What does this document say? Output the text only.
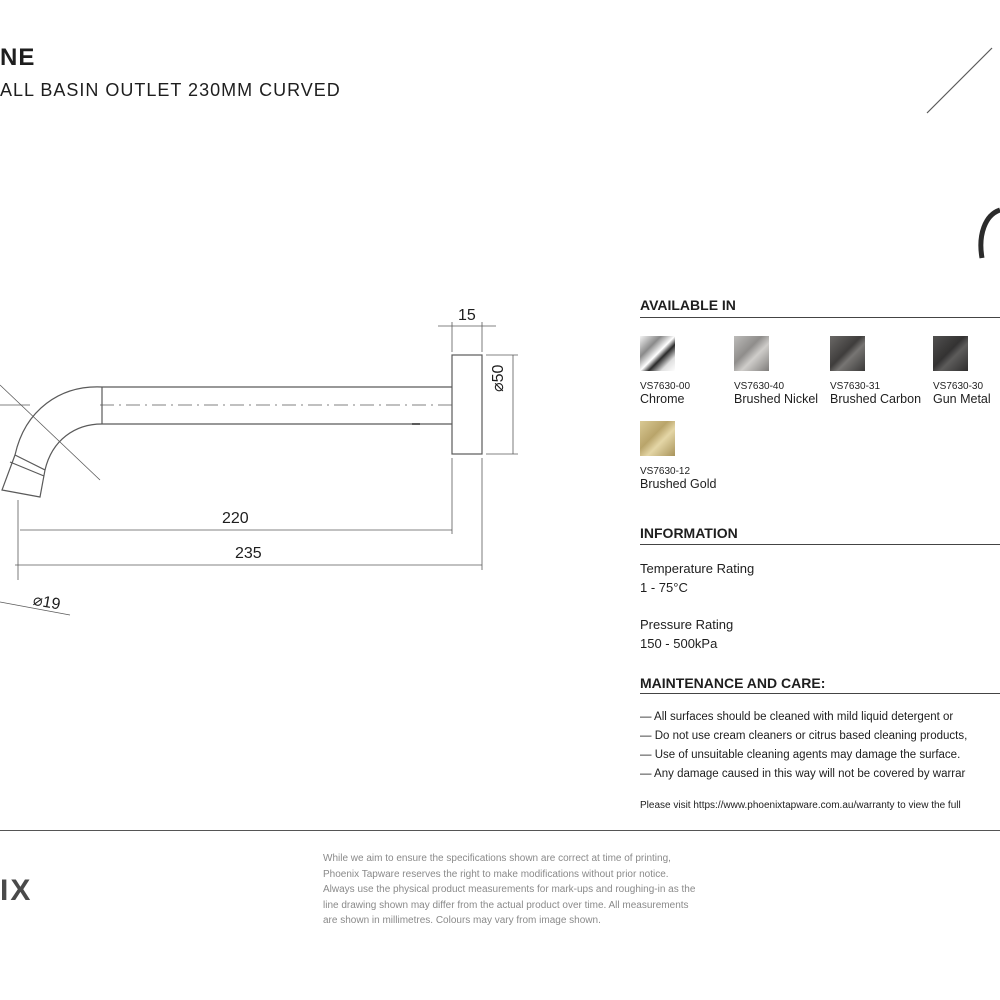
NE
ALL BASIN OUTLET 230MM CURVED
15
⌀50
220
235
⌀19
AVAILABLE IN
VS7630-00
Chrome
VS7630-40
Brushed Nickel
VS7630-31
Brushed Carbon
VS7630-30
Gun Metal
VS7630-12
Brushed Gold
INFORMATION
Temperature Rating
1 - 75°C
Pressure Rating
150 - 500kPa
MAINTENANCE AND CARE:
— All surfaces should be cleaned with mild liquid detergent or
— Do not use cream cleaners or citrus based cleaning products,
— Use of unsuitable cleaning agents may damage the surface.
— Any damage caused in this way will not be covered by warrar
Please visit https://www.phoenixtapware.com.au/warranty to view the full
IX
While we aim to ensure the specifications shown are correct at time of printing,
Phoenix Tapware reserves the right to make modifications without prior notice.
Always use the physical product measurements for mark-ups and roughing-in as the
line drawing shown may differ from the actual product over time. All measurements
are shown in millimetres. Colours may vary from image shown.
